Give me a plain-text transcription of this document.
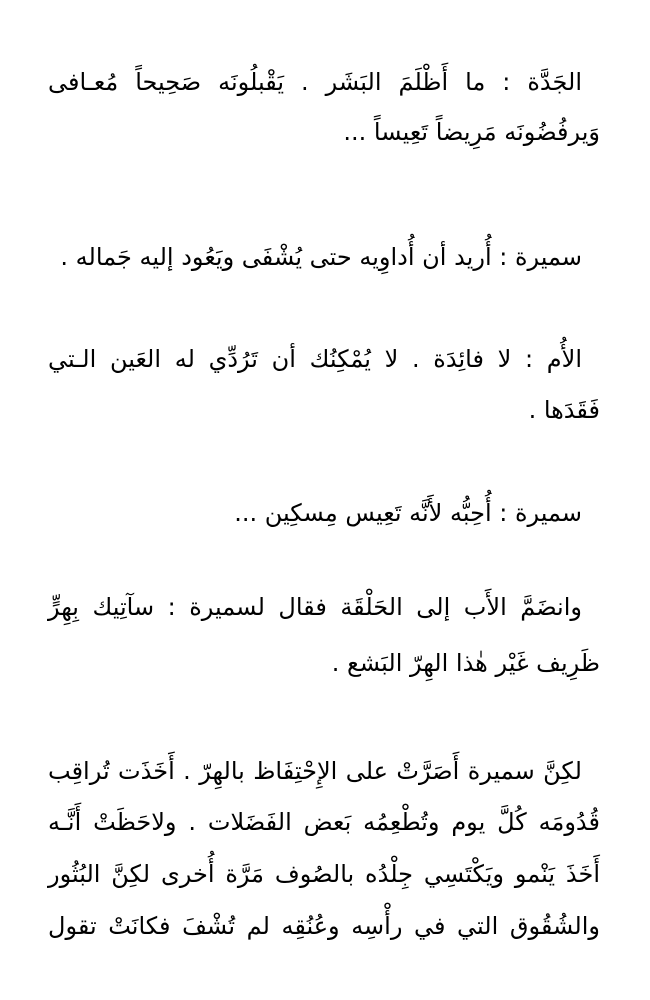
الجَدَّة : ما أَظْلَمَ البَشَر . يَقْبلُونَه صَحِيحاً مُعـافى
وَيرفُضُونَه مَرِيضاً تَعِيساً ...
سميرة : أُريد أن أُداوِيه حتى يُشْفَى ويَعُود إليه جَماله .
الأُم : لا فائِدَة . لا يُمْكِنُك أن تَرُدِّي له العَين الـتي
فَقَدَها .
سميرة : أُحِبُّه لأَنَّه تَعِيس مِسكِين ...
وانضَمَّ الأَب إلى الحَلْقَة فقال لسميرة : سآتِيك بِهِرٍّ
ظَرِيف غَيْر هٰذا الهِرّ البَشع .
لكِنَّ سميرة أَصَرَّتْ على الإِحْتِفَاظ بالهِرّ . أَخَذَت تُراقِب
قُدُومَه كُلَّ يوم وتُطْعِمُه بَعض الفَضَلات . ولاحَظَتْ أَنَّـه
أَخَذَ يَنْمو ويَكْتَسِي جِلْدُه بالصُوف مَرَّة أُخرى لكِنَّ البُثُور
والشُقُوق التي في رأْسِه وعُنُقِه لم تُشْفَ فكانَتْ تقول
